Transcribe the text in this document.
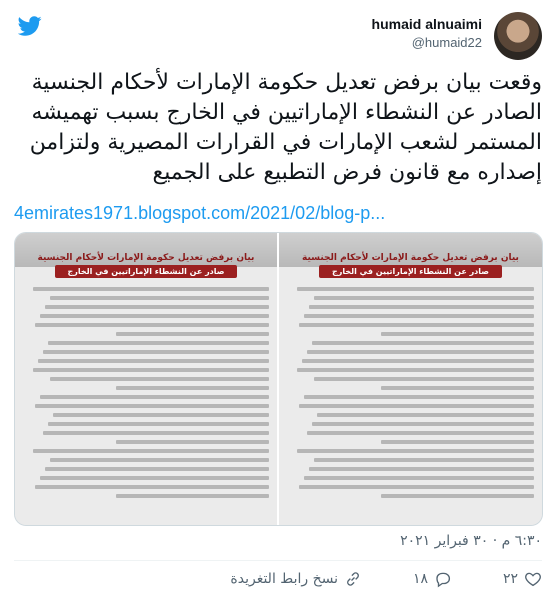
humaid alnuaimi
@humaid22
وقعت بيان برفض تعديل حكومة الإمارات لأحكام الجنسية الصادر عن النشطاء الإماراتيين في الخارج بسبب تهميشه المستمر لشعب الإمارات في القرارات المصيرية ولتزامن إصداره مع قانون فرض التطبيع على الجميع
4emirates1971.blogspot.com/2021/02/blog-p...
بيان برفض تعديل حكومة الإمارات لأحكام الجنسية
صادر عن النشطاء الإماراتيين في الخارج
بيان برفض تعديل حكومة الإمارات لأحكام الجنسية
صادر عن النشطاء الإماراتيين في الخارج
٦:٣٠ م · ٣٠ فبراير ٢٠٢١
٢٢
١٨
نسخ رابط التغريدة
